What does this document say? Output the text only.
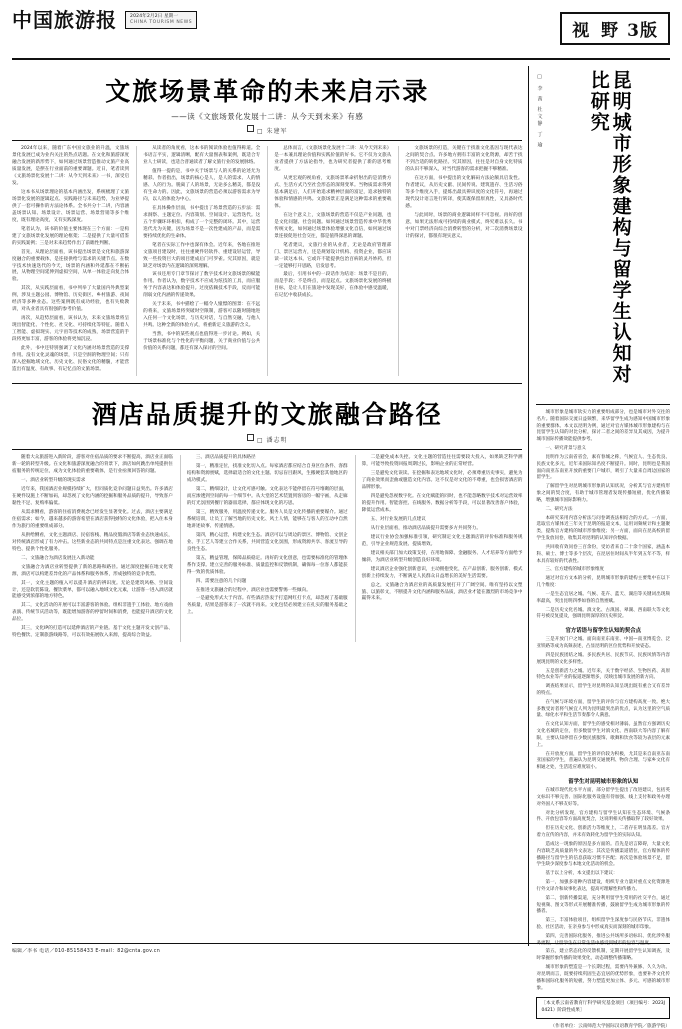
中国旅游报	2024年2月2日 星期一
CHINA TOURISM NEWS	视 野 3版
文旅场景革命的未来启示录
——读《文旅场景化发展十二讲：从今天到未来》有感
□ 朱建军

2024年以来，随着广东中国文旅业的升温，文旅场景化发展已成为业内关注的热点话题。在文化和旅游深度融合发展的新形势下，如何通过场景营造推动文旅产业高质量发展，是摆在行业面前的重要课题。近日，笔者读到《文旅场景化发展十二讲：从今天到未来》一书，深受启发。

这本书从场景理论的基本内涵出发，系统梳理了文旅场景化发展的逻辑起点、实践路径与未来趋势，为业界提供了一套可操作的方法论体系。全书共分十二讲，内容涵盖场景认知、场景设计、场景运营、场景营销等多个维度，既有理论高度，又有实践深度。

笔者认为，该书的价值主要体现在三个方面：一是构建了文旅场景化发展的理论框架；二是提供了大量可借鉴的实践案例；三是对未来趋势作出了前瞻性判断。

首先，从理论层面看，该书提出场景是文化和旅游深度融合的重要载体，是连接供给与需求的关键节点。在数字技术快速迭代的今天，场景的内涵和外延都在不断拓展，从物理空间延伸到虚拟空间，从单一体验走向复合体验。

其次，从实践层面看，书中列举了大量国内外典型案例，涉及主题公园、博物馆、历史街区、乡村旅游、夜间经济等多种业态。这些案例既有成功经验，也有失败教训，对从业者具有很强的参考价值。

再次，从趋势层面看，该书认为，未来文旅场景将呈现出智能化、个性化、社交化、可持续化等特征。随着人工智能、虚拟现实、元宇宙等技术的成熟，场景营造的手段将更加丰富，游客的体验将更加沉浸。

此外，书中还特别强调了文化内涵对场景营造的支撑作用。没有文化灵魂的场景，只是空洞的物理空间；只有深入挖掘地域文化、历史文化、民俗文化的精髓，才能营造出有温度、有故事、有记忆点的文旅场景。

从读者的角度看，这本书的阅读体验也值得称道。全书语言平实，逻辑清晰，配有大量图表和案例，既适合专业人士研读，也适合普通读者了解文旅行业的发展脉络。

值得一提的是，书中关于场景与人的关系的论述尤为精彩。作者指出，场景的核心是人，是人的需求、人的情感、人的行为。脱离了人的场景，无论多么精美，都是没有生命力的。因此，文旅场景的营造必须以游客需求为导向，以人的体验为中心。

在具体操作层面，书中提出了场景营造的五步法：需求洞察、主题定位、内容策划、空间设计、运营迭代。这五个步骤环环相扣，构成了一个完整的闭环。其中，运营迭代尤为关键，因为场景不是一次性建成的产品，而是需要持续优化的生命体。

笔者在实际工作中也深有体会。近年来，各地在推进文旅项目建设时，往往重硬件轻软件、重建设轻运营，导致一些投资巨大的项目建成后门可罗雀。究其原因，就是缺乏对场景内在逻辑的深刻理解。

该书还用专门章节探讨了数字技术对文旅场景的赋能作用。作者认为，数字技术不应成为炫技的工具，而应服务于内容表达和体验提升。过度依赖技术手段，反而可能削弱文化内涵的传递效果。

关于未来，书中描绘了一幅令人憧憬的图景：在不远的将来，文旅场景将突破时空限制，游客可以随时随地进入任何一个文化场景，与历史对话，与自然交融，与他人共鸣。这种全新的体验方式，将重新定义旅游的含义。

当然，书中的某些观点也值得进一步讨论。例如，关于场景标准化与个性化的平衡问题，关于商业价值与公共价值的关系问题，都还有深入探讨的空间。

总体而言，《文旅场景化发展十二讲：从今天到未来》是一本兼具理论价值和实践价值的好书。它不仅为文旅从业者提供了方法论指导，也为研究者提供了新的思考维度。

从更宏观的视角看，文旅场景革命折射出的是消费方式、生活方式乃至社会形态的深刻变革。当物质需求得到基本满足后，人们开始追求精神层面的富足，追求独特的体验和情感的共鸣。文旅场景正是满足这种需求的重要载体。

在这个意义上，文旅场景的营造不仅是产业问题，也是文化问题、社会问题。如何通过场景营造传承中华优秀传统文化，如何通过场景体验增强文化自信，如何通过场景连接促进社会交往，都是值得深思的课题。

笔者建议，文旅行业的从业者，无论是政府管理部门、景区运营方，还是规划设计机构、投资企业，都应该读一读这本书。它或许不能提供包治百病的灵丹妙药，但一定能够打开思路，启发思考。

最后，引用书中的一段话作为结语：场景不是目的，而是手段；不是终点，而是起点。文旅场景化发展的终极目标，是让人们在旅途中发现美好，在体验中感受温暖，在记忆中收获成长。

文旅场景的打造，关键在于找准文化基因与现代表达之间的契合点。许多地方拥有丰富的文化资源，却苦于找不到合适的转化路径。究其原因，往往是对自身文化特质的认识不够深入，对当代游客的需求把握不够精准。

在这方面，书中提出的文化解码方法论颇具启发性。作者建议，从历史文献、民间传说、建筑遗存、生活习俗等多个维度入手，提炼出最具辨识度的文化符号，再通过现代设计语言进行转译，使其既保留原真性，又具备时代感。

与此同时，场景的商业逻辑同样不可忽视。再好的创意，如果无法形成可持续的商业模式，终究难以长久。书中对门票经济向综合消费转型的分析，对二次消费场景设计的探讨，都很有现实意义。

酒店品质提升的文旅融合路径
□ 潘志明

随着大众旅游进入新阶段，游客对住宿品质的要求不断提高，酒店业正面临新一轮的转型升级。在文化和旅游深度融合的背景下，酒店如何跳出单纯提供住宿服务的传统定位，成为文化体验的重要载体，是行业亟须回答的问题。

一、酒店业转型升级的现实需求

近年来，我国酒店业规模持续扩大，但同质化竞争问题日益突出。许多酒店在硬件设施上不断加码，却忽视了文化内涵的挖掘和服务品质的提升，导致客户黏性不足、复购率偏低。

从需求侧看，游客的住宿消费观念已经发生显著变化。过去，酒店主要满足住宿需求；如今，越来越多的游客希望在酒店获得独特的文化体验，把入住本身作为旅行的重要组成部分。

从供给侧看，文化主题酒店、民宿客栈、精品度假酒店等新业态快速成长，对传统酒店形成了有力冲击。这些新业态的共同特点是注重文化表达、强调在地特色、提供个性化服务。

二、文旅融合为酒店发展注入新动能

文旅融合为酒店业转型提供了新的思路和路径。通过深度挖掘在地文化资源，酒店可以构建差异化的产品体系和服务体系，形成独特的竞争优势。

其一，文化主题的植入可以提升酒店的辨识度。无论是建筑风格、空间设计，还是软装陈设、餐饮菜单，都可以融入地域文化元素，让游客一进入酒店就能感受到浓郁的地方特色。

其二，文化活动的开展可以丰富游客的体验。组织非遗手工体验、地方戏曲表演、传统节庆活动等，既能增加游客的停留时间和消费，也能提升酒店的文化品位。

其三，文化IP的打造可以延伸酒店的产业链。基于文化主题开发文创产品、特色餐饮、定制旅游线路等，可以有效拓展收入来源，提高综合效益。

三、酒店品质提升的具体路径

第一，精准定位，找准文化切入点。每家酒店都应结合自身区位条件、客群结构和资源禀赋，选择最适合的文化主题。切忌盲目跟风，生搬硬套其他地区的成功模式。

第二，精细设计，让文化可感可触。文化表达不能停留在符号堆砌的层面，而应渗透到空间的每一个细节中。从大堂的艺术装置到客房的一幅字画，从走廊的灯光氛围到餐厅的器皿选择，都应体现文化的巧思。

第三，精致服务，用温度传递文化。服务人员是文化传播的重要媒介。通过系统培训，让员工了解当地的历史文化、风土人情，能够在与客人的互动中自然地讲述故事、传递情感。

第四，精心运营，构建文化生态。酒店可以与周边的景区、博物馆、文创企业、手工艺人等建立合作关系，共同营造文化氛围，形成资源共享、客流互导的良性生态。

第五，精益管理，保障品质稳定。再好的文化创意，也需要标准化的管理体系作支撑。建立完善的服务标准、质量监控和反馈机制，确保每一位客人都能获得一致的优质体验。

四、需要注意的几个问题

在推进文旅融合的过程中，酒店业也需要警惕一些倾向。

一是避免形式大于内容。有些酒店热衷于打造网红打卡点，却忽视了基础服务质量，结果是游客来了一次就不再来。文化包装必须建立在扎实的服务基础之上。

二是避免成本失控。文化主题的营造往往需要较大投入，如果缺乏科学测算，可能导致投资回报周期过长，影响企业的正常经营。

三是避免文化误读。在挖掘和表达地域文化时，必须尊重历史事实，避免为了商业效果而歪曲或臆造文化内容。这不仅是对文化的不尊重，也会损害酒店的品牌形象。

四是避免忽视数字化。在文化赋能的同时，也不能忽略数字技术对运营效率的提升作用。智能客控、在线服务、数据分析等手段，可以显著改善客户体验，降低运营成本。

五、对行业发展的几点建议

从行业层面看，推动酒店品质提升需要多方共同努力。

建议行业协会加强标准引领，研究制定文化主题酒店的评价标准和服务规范，引导企业规范发展、提质增效。

建议相关部门加大政策支持，在用地保障、金融服务、人才培养等方面给予倾斜，为酒店业转型升级创造良好环境。

建议酒店企业强化创新意识，主动拥抱变化，在产品创新、服务创新、模式创新上持续发力，不断满足人民群众日益增长的美好生活需要。

总之，文旅融合为酒店业的高质量发展打开了广阔空间。唯有坚持以文塑旅、以旅彰文，不断提升文化内涵和服务品质，酒店业才能在激烈的市场竞争中赢得未来。

□ 李 茜 杜文静 丁 瑜	昆明城市形象建构与留学生认知对比研究

城市形象是城市软实力的重要组成部分，也是城市对外交往的名片。随着国际交流日益频繁，来华留学生成为感知中国城市形象的重要群体。本文以昆明为例，通过对官方媒体城市形象建构与在昆留学生认知的对比分析，探讨二者之间的差异及其成因，为提升城市国际传播效能提供参考。

一、研究背景与意义

昆明作为云南省省会，素有春城之称，气候宜人、生态优良、民族文化多元，近年来国际知名度不断提升。同时，昆明也是我国面向南亚东南亚开放的重要门户城市，吸引了大量来自周边国家的留学生。

了解留学生对昆明城市形象的认知状况，分析其与官方建构形象之间的契合度，有助于城市管理者发现传播短板，优化传播策略，增强城市国际影响力。

二、研究方法

本研究采用内容分析法与问卷调查法相结合的方式。一方面，选取官方媒体近三年关于昆明的报道文本，运用词频统计和主题聚类，提炼官方建构的城市形象维度；另一方面，面向在昆高校的留学生发放问卷，收集其对昆明的认知评价数据。

共回收有效问卷三百余份，受访者来自二十余个国家，涵盖本科、硕士、博士等多个层次，在昆居住时间从半年到五年不等，样本具有较好的代表性。

三、官方建构的城市形象维度

通过对官方文本的分析，昆明城市形象的建构主要集中在以下几个维度：

一是生态宜居之城。气候、花卉、蓝天、湖泊等关键词出现频率最高，突出昆明四季如春的自然禀赋。

二是历史文化名城。滇文化、古滇国、翠湖、西南联大等文化符号被反复提及，强调昆明深厚的历史积淀。

官方话语与留学生认知的契合点

三是开放门户之城。面向南亚东南亚、中国—南亚博览会、泛亚铁路等成为高频表述，凸显昆明的区位优势和开放姿态。

四是民族团结之城。多民族共居、民族节庆、民族风情等内容展现昆明的文化多样性。

五是创新活力之城。近年来，关于数字经济、生物医药、高原特色农业等产业的报道逐渐增多，反映出城市发展的新方向。

调查结果显示，留学生对昆明的认知呈现出既有重合又有差异的特点。

在气候与环境方面，留学生的评价与官方建构高度一致。绝大多数受访者将气候宜人列为昆明最突出的优点，认为这里的空气质量、绿化水平和生活节奏都令人满意。

在文化认知方面，留学生的感受相对薄弱。虽然官方强调历史文化名城的定位，但多数留学生对滇文化、西南联大等内容了解有限，主要认知停留在少数民族服饰、歌舞和饮食等较为表层的元素上。

在开放度方面，留学生的评价较为积极，尤其是来自南亚东南亚国家的学生，普遍认为昆明交通便利、物价合理、与家乡文化有相通之处，生活适应难度较小。

留学生对昆明城市形象的认知

在城市现代化水平方面，部分留学生提出了改进建议，包括英文标识不够完善、国际化服务设施有待加强、线上支付和政务办理对外国人不够友好等。

对比分析发现，官方建构与留学生认知在生态环境、气候条件、开放包容等方面高度契合，这说明相关传播取得了较好效果。

但在历史文化、创新活力等维度上，二者存在明显落差。官方着力宣传的内容，并未有效转化为留学生的实际认知。

造成这一现象的原因是多方面的。首先是语言障碍，大量文化内容缺乏高质量的外文表达；其次是传播渠道错位，官方媒体的传播路径与留学生的信息获取习惯不匹配；再次是体验场景不足，留学生缺少深度参与本地文化活动的机会。

基于以上分析，本文提出以下建议：

第一，加强多语种内容建设，组织专业力量对重点文化资源进行外文译介和故事化表达，提高可理解性和传播力。

第二，创新传播渠道，充分利用留学生常用的社交平台，通过短视频、图文等形式开展精准传播，鼓励留学生成为城市形象的传播者。

第三，丰富体验项目，组织留学生深度参与民俗节庆、非遗体验、社区活动，在亲身参与中形成真实而深刻的城市印象。

第四，完善国际化服务，推进公共场所多语标识、优化涉外服务流程，让留学生在日常生活中感受到城市的包容与温度。

第五，建立常态化的反馈机制，定期开展留学生认知调查，及时掌握形象传播的效果变化，动态调整传播策略。

城市形象的塑造是一个长期过程，需要内外兼修、久久为功。对昆明而言，既要持续巩固生态宜居的优势形象，也要补齐文化传播和国际化服务的短板，努力塑造更加立体、多元、可感的城市形象。

［本文系云南省教育厅科学研究基金项目（项目编号：2023J0421）阶段性成果］
（作者单位：云南师范大学国际汉语教育学院／旅游学院）
编辑／李书 电话／010-85158433 E-mail：82@cnta.gov.cn
